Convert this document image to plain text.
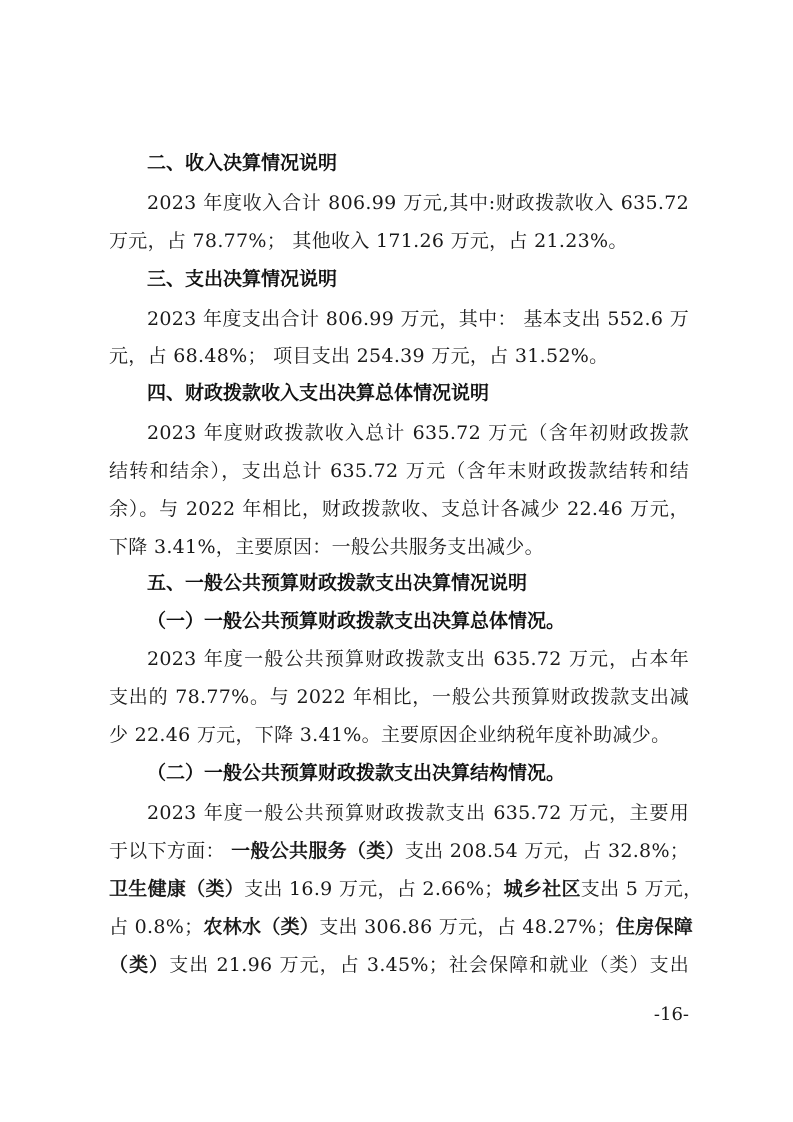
二、收入决算情况说明
2023 年度收入合计 806.99 万元,其中:财政拨款收入 635.72
万元，占 78.77%； 其他收入 171.26 万元，占 21.23%。
三、支出决算情况说明
2023 年度支出合计 806.99 万元，其中： 基本支出 552.6 万
元，占 68.48%； 项目支出 254.39 万元，占 31.52%。
四、财政拨款收入支出决算总体情况说明
2023 年度财政拨款收入总计 635.72 万元（含年初财政拨款
结转和结余），支出总计 635.72 万元（含年末财政拨款结转和结
余）。与 2022 年相比，财政拨款收、支总计各减少 22.46 万元，
下降 3.41%，主要原因：一般公共服务支出减少。
五、一般公共预算财政拨款支出决算情况说明
（一）一般公共预算财政拨款支出决算总体情况。
2023 年度一般公共预算财政拨款支出 635.72 万元，占本年
支出的 78.77%。与 2022 年相比，一般公共预算财政拨款支出减
少 22.46 万元，下降 3.41%。主要原因企业纳税年度补助减少。
（二）一般公共预算财政拨款支出决算结构情况。
2023 年度一般公共预算财政拨款支出 635.72 万元，主要用
于以下方面： 一般公共服务（类）支出 208.54 万元，占 32.8%；
卫生健康（类）支出 16.9 万元，占 2.66%；城乡社区支出 5 万元，
占 0.8%；农林水（类）支出 306.86 万元，占 48.27%；住房保障
（类）支出 21.96 万元，占 3.45%；社会保障和就业（类）支出
-16-
